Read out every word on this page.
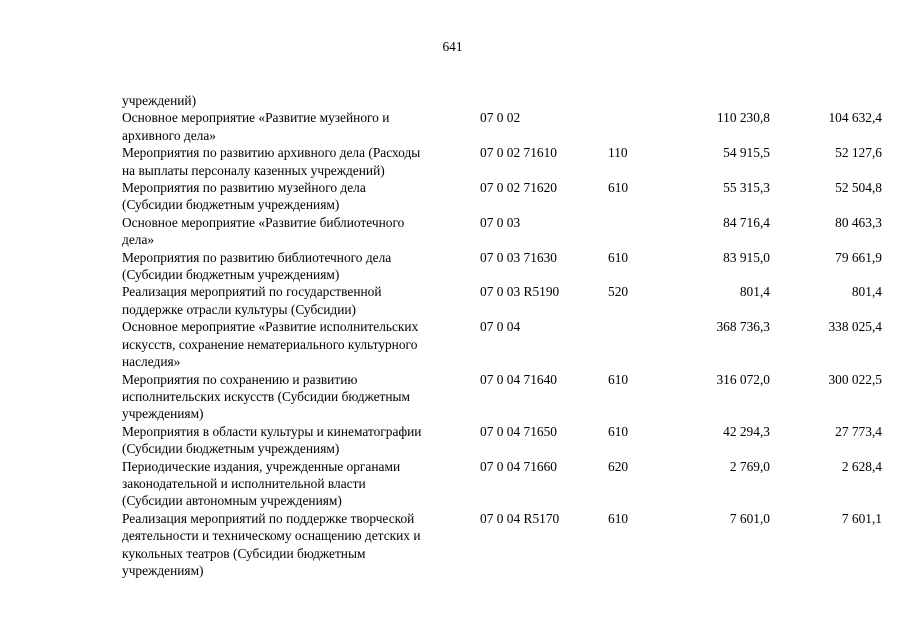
641
учреждений)				

Основное мероприятие «Развитие музейного и
архивного дела»	07 0 02		110 230,8	104 632,4

Мероприятия по развитию архивного дела (Расходы
на выплаты персоналу казенных учреждений)	07 0 02 71610	110	54 915,5	52 127,6

Мероприятия по развитию музейного дела
(Субсидии бюджетным учреждениям)	07 0 02 71620	610	55 315,3	52 504,8

Основное мероприятие «Развитие библиотечного
дела»	07 0 03		84 716,4	80 463,3

Мероприятия по развитию библиотечного дела
(Субсидии бюджетным учреждениям)	07 0 03 71630	610	83 915,0	79 661,9

Реализация мероприятий по государственной
поддержке отрасли культуры (Субсидии)	07 0 03 R5190	520	801,4	801,4

Основное мероприятие «Развитие исполнительских
искусств, сохранение нематериального культурного
наследия»	07 0 04		368 736,3	338 025,4

Мероприятия по сохранению и развитию
исполнительских искусств (Субсидии бюджетным
учреждениям)	07 0 04 71640	610	316 072,0	300 022,5

Мероприятия в области культуры и кинематографии
(Субсидии бюджетным учреждениям)	07 0 04 71650	610	42 294,3	27 773,4

Периодические издания, учрежденные органами
законодательной и исполнительной власти
(Субсидии автономным учреждениям)	07 0 04 71660	620	2 769,0	2 628,4

Реализация мероприятий по поддержке творческой
деятельности и техническому оснащению детских и
кукольных театров (Субсидии бюджетным
учреждениям)	07 0 04 R5170	610	7 601,0	7 601,1
